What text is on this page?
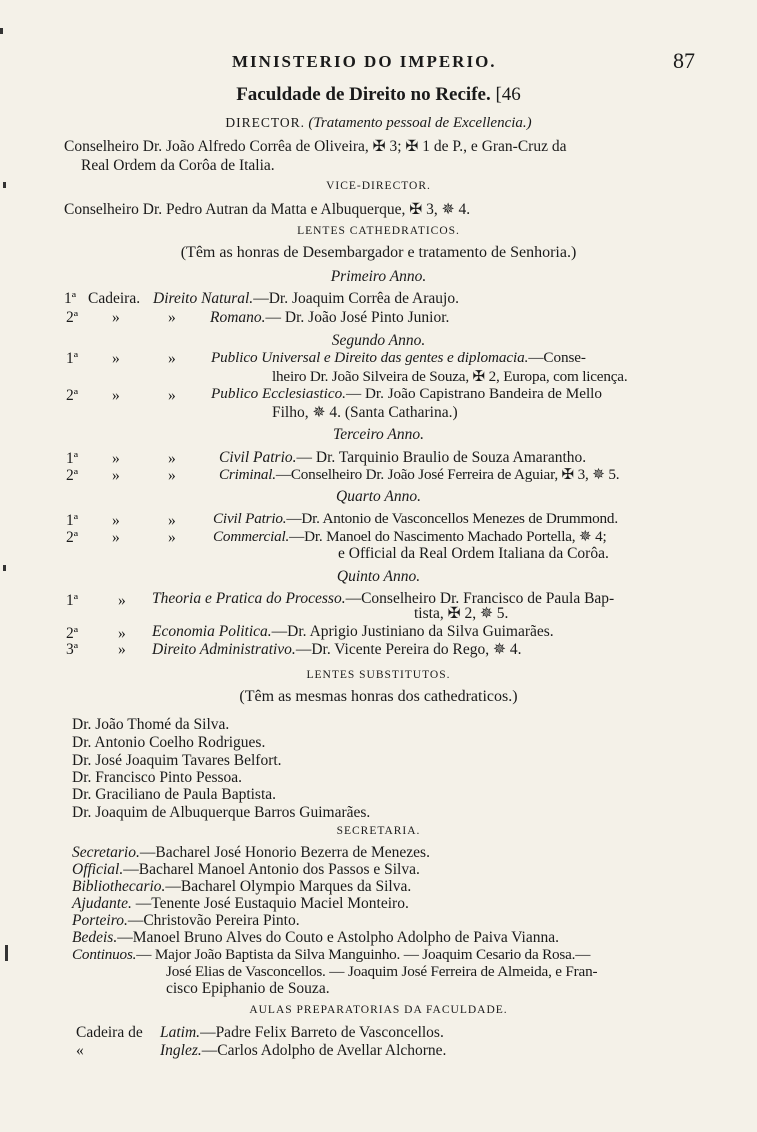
MINISTERIO DO IMPERIO.	87
Faculdade de Direito no Recife. [46
DIRECTOR. (Tratamento pessoal de Excellencia.)
Conselheiro Dr. João Alfredo Corrêa de Oliveira, ✠ 3; ✠ 1 de P., e Gran-Cruz da
Real Ordem da Corôa de Italia.
VICE-DIRECTOR.
Conselheiro Dr. Pedro Autran da Matta e Albuquerque, ✠ 3, ✵ 4.
LENTES CATHEDRATICOS.
(Têm as honras de Desembargador e tratamento de Senhoria.)
Primeiro Anno.
1ª Cadeira. Direito Natural.—Dr. Joaquim Corrêa de Araujo.
2ª »	» Romano.— Dr. João José Pinto Junior.
Segundo Anno.
1ª »	» Publico Universal e Direito das gentes e diplomacia.—Conse-
lheiro Dr. João Silveira de Souza, ✠ 2, Europa, com licença.
2ª »	» Publico Ecclesiastico.— Dr. João Capistrano Bandeira de Mello
Filho, ✵ 4. (Santa Catharina.)
Terceiro Anno.
1ª »	»	Civil Patrio.— Dr. Tarquinio Braulio de Souza Amarantho.
2ª »	»	Criminal.—Conselheiro Dr. João José Ferreira de Aguiar, ✠ 3, ✵ 5.
Quarto Anno.
1ª »	» Civil Patrio.—Dr. Antonio de Vasconcellos Menezes de Drummond.
2ª »	» Commercial.—Dr. Manoel do Nascimento Machado Portella, ✵ 4;
e Official da Real Ordem Italiana da Corôa.
Quinto Anno.
1ª	» Theoria e Pratica do Processo.—Conselheiro Dr. Francisco de Paula Bap-
tista, ✠ 2, ✵ 5.
2ª	» Economia Politica.—Dr. Aprigio Justiniano da Silva Guimarães.
3ª	» Direito Administrativo.—Dr. Vicente Pereira do Rego, ✵ 4.
LENTES SUBSTITUTOS.
(Têm as mesmas honras dos cathedraticos.)
Dr. João Thomé da Silva.
Dr. Antonio Coelho Rodrigues.
Dr. José Joaquim Tavares Belfort.
Dr. Francisco Pinto Pessoa.
Dr. Graciliano de Paula Baptista.
Dr. Joaquim de Albuquerque Barros Guimarães.
SECRETARIA.
Secretario.—Bacharel José Honorio Bezerra de Menezes.
Official.—Bacharel Manoel Antonio dos Passos e Silva.
Bibliothecario.—Bacharel Olympio Marques da Silva.
Ajudante. —Tenente José Eustaquio Maciel Monteiro.
Porteiro.—Christovão Pereira Pinto.
Bedeis.—Manoel Bruno Alves do Couto e Astolpho Adolpho de Paiva Vianna.
Continuos.— Major João Baptista da Silva Manguinho. — Joaquim Cesario da Rosa.—
José Elias de Vasconcellos. — Joaquim José Ferreira de Almeida, e Fran-
cisco Epiphanio de Souza.
AULAS PREPARATORIAS DA FACULDADE.
Cadeira de Latim.—Padre Felix Barreto de Vasconcellos.
«	Inglez.—Carlos Adolpho de Avellar Alchorne.
